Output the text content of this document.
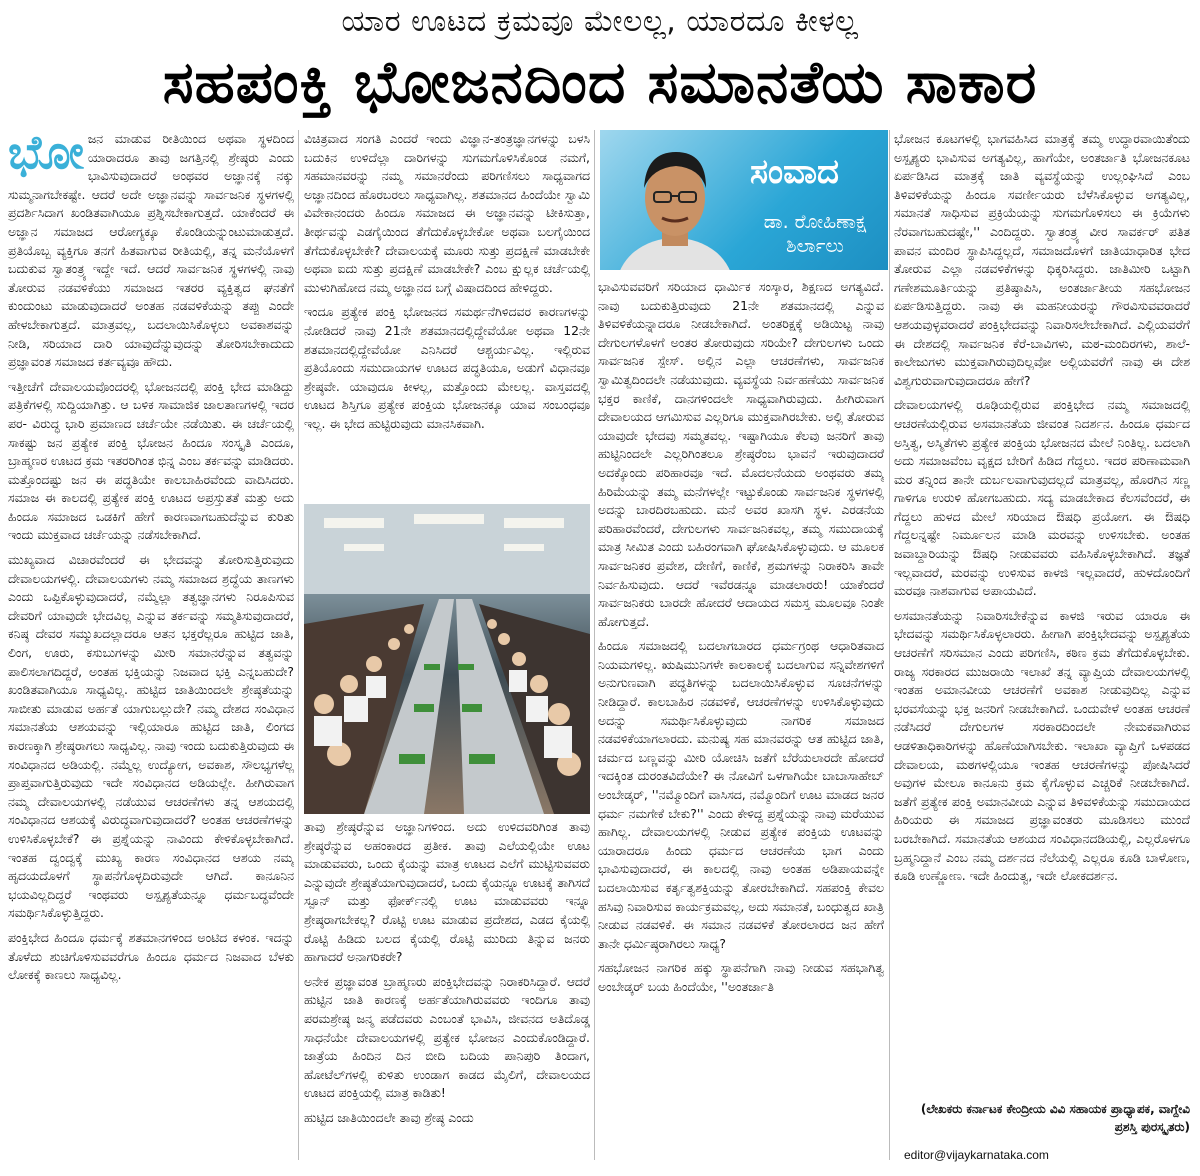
ಯಾರ ಊಟದ ಕ್ರಮವೂ ಮೇಲಲ್ಲ, ಯಾರದೂ ಕೀಳಲ್ಲ
ಸಹಪಂಕ್ತಿ ಭೋಜನದಿಂದ ಸಮಾನತೆಯ ಸಾಕಾರ
ಭೋ ಜನ ಮಾಡುವ ರೀತಿಯಿಂದ ಅಥವಾ ಸ್ಥಳದಿಂದ ಯಾರಾದರೂ ತಾವು ಜಗತ್ತಿನಲ್ಲಿ ಶ್ರೇಷ್ಠರು ಎಂದು ಭಾವಿಸುವುದಾದರೆ ಅಂಥವರ ಅಜ್ಞಾನಕ್ಕೆ ನಕ್ಕು ಸುಮ್ಮನಾಗಬೇಕಷ್ಟೇ. ಆದರೆ ಅದೇ ಅಜ್ಞಾನವನ್ನು ಸಾರ್ವಜನಿಕ ಸ್ಥಳಗಳಲ್ಲಿ ಪ್ರದರ್ಶಿಸಿದಾಗ ಖಂಡಿತವಾಗಿಯೂ ಪ್ರಶ್ನಿಸಬೇಕಾಗುತ್ತದೆ. ಯಾಕೆಂದರೆ ಈ ಅಜ್ಞಾನ ಸಮಾಜದ ಆರೋಗ್ಯಕ್ಕೂ ಕೊಂಡಿಯನ್ನುಂಟುಮಾಡುತ್ತದೆ. ಪ್ರತಿಯೊಬ್ಬ ವ್ಯಕ್ತಿಗೂ ತನಗೆ ಹಿತವಾಗುವ ರೀತಿಯಲ್ಲಿ, ತನ್ನ ಮನೆಯೊಳಗೆ ಬದುಕುವ ಸ್ವಾತಂತ್ರ್ಯ ಇದ್ದೇ ಇದೆ. ಆದರೆ ಸಾರ್ವಜನಿಕ ಸ್ಥಳಗಳಲ್ಲಿ ನಾವು ತೋರುವ ನಡವಳಿಕೆಯು ಸಮಾಜದ ಇತರರ ವ್ಯಕ್ತಿತ್ವದ ಘನತೆಗೆ ಕುಂದುಂಟು ಮಾಡುವುದಾದರೆ ಅಂತಹ ನಡವಳಿಕೆಯನ್ನು ತಪ್ಪು ಎಂದೇ ಹೇಳಬೇಕಾಗುತ್ತದೆ. ಮಾತ್ರವಲ್ಲ, ಬದಲಾಯಿಸಿಕೊಳ್ಳಲು ಅವಕಾಶವನ್ನು ನೀಡಿ, ಸರಿಯಾದ ದಾರಿ ಯಾವುದೆನ್ನುವುದನ್ನು ತೋರಿಸಬೇಕಾದುದು ಪ್ರಜ್ಞಾವಂತ ಸಮಾಜದ ಕರ್ತವ್ಯವೂ ಹೌದು.

ಇತ್ತೀಚೆಗೆ ದೇವಾಲಯವೊಂದರಲ್ಲಿ ಭೋಜನದಲ್ಲಿ ಪಂಕ್ತಿ ಭೇದ ಮಾಡಿದ್ದು ಪತ್ರಿಕೆಗಳಲ್ಲಿ ಸುದ್ದಿಯಾಗಿತ್ತು. ಆ ಬಳಿಕ ಸಾಮಾಜಿಕ ಜಾಲತಾಣಗಳಲ್ಲಿ ಇದರ ಪರ- ವಿರುದ್ಧ ಭಾರಿ ಪ್ರಮಾಣದ ಚರ್ಚೆಯೇ ನಡೆಯಿತು. ಈ ಚರ್ಚೆಯಲ್ಲಿ ಸಾಕಷ್ಟು ಜನ ಪ್ರತ್ಯೇಕ ಪಂಕ್ತಿ ಭೋಜನ ಹಿಂದೂ ಸಂಸ್ಕೃತಿ ಎಂದೂ, ಬ್ರಾಹ್ಮಣರ ಊಟದ ಕ್ರಮ ಇತರರಿಗಿಂತ ಭಿನ್ನ ಎಂಬ ತರ್ಕವನ್ನು ಮಾಡಿದರು. ಮತ್ತೊಂದಷ್ಟು ಜನ ಈ ಪದ್ಧತಿಯೇ ಕಾಲಬಾಹಿರವೆಂದು ವಾದಿಸಿದರು. ಸಮಾಜ ಈ ಕಾಲದಲ್ಲಿ ಪ್ರತ್ಯೇಕ ಪಂಕ್ತಿ ಊಟದ ಅಪ್ರಸ್ತುತತೆ ಮತ್ತು ಅದು ಹಿಂದೂ ಸಮಾಜದ ಒಡಕಿಗೆ ಹೇಗೆ ಕಾರಣವಾಗಬಹುದೆನ್ನುವ ಕುರಿತು ಇಂದು ಮುಕ್ತವಾದ ಚರ್ಚೆಯನ್ನು ನಡೆಸಬೇಕಾಗಿದೆ.

ಮುಖ್ಯವಾದ ವಿಚಾರವೆಂದರೆ ಈ ಭೇದವನ್ನು ತೋರಿಸುತ್ತಿರುವುದು ದೇವಾಲಯಗಳಲ್ಲಿ. ದೇವಾಲಯಗಳು ನಮ್ಮ ಸಮಾಜದ ಶ್ರದ್ಧೆಯ ತಾಣಗಳು ಎಂದು ಒಪ್ಪಿಕೊಳ್ಳುವುದಾದರೆ, ನಮ್ಮೆಲ್ಲಾ ತತ್ವಜ್ಞಾನಗಳು ನಿರೂಪಿಸುವ ದೇವರಿಗೆ ಯಾವುದೇ ಭೇದವಿಲ್ಲ ಎನ್ನುವ ತರ್ಕವನ್ನು ಸಮ್ಮತಿಸುವುದಾದರೆ, ಕನಿಷ್ಠ ದೇವರ ಸಮ್ಮುಖದಲ್ಲಾದರೂ ಆತನ ಭಕ್ತರೆಲ್ಲರೂ ಹುಟ್ಟಿದ ಜಾತಿ, ಲಿಂಗ, ಊರು, ಕಸುಬುಗಳನ್ನು ಮೀರಿ ಸಮಾನರೆನ್ನುವ ತತ್ವವನ್ನು ಪಾಲಿಸಲಾಗದಿದ್ದರೆ, ಅಂತಹ ಭಕ್ತಿಯನ್ನು ನಿಜವಾದ ಭಕ್ತಿ ಎನ್ನಬಹುದೇ? ಖಂಡಿತವಾಗಿಯೂ ಸಾಧ್ಯವಿಲ್ಲ. ಹುಟ್ಟಿದ ಜಾತಿಯಿಂದಲೇ ಶ್ರೇಷ್ಠತೆಯನ್ನು ಸಾಬೀತು ಮಾಡುವ ಅರ್ಹತೆ ಯಾಗುಬಲ್ಲುದೇ? ನಮ್ಮ ದೇಶದ ಸಂವಿಧಾನ ಸಮಾನತೆಯ ಆಶಯವನ್ನು ಇಲ್ಲಿಯಾರೂ ಹುಟ್ಟಿದ ಜಾತಿ, ಲಿಂಗದ ಕಾರಣಕ್ಕಾಗಿ ಶ್ರೇಷ್ಠರಾಗಲು ಸಾಧ್ಯವಿಲ್ಲ. ನಾವು ಇಂದು ಬದುಕುತ್ತಿರುವುದು ಈ ಸಂವಿಧಾನದ ಅಡಿಯಲ್ಲಿ. ನಮ್ಮೆಲ್ಲ ಉದ್ಯೋಗ, ಅವಕಾಶ, ಸೌಲಭ್ಯಗಳೆಲ್ಲ ಪ್ರಾಪ್ತವಾಗುತ್ತಿರುವುದು ಇದೇ ಸಂವಿಧಾನದ ಅಡಿಯಲ್ಲೇ. ಹೀಗಿರುವಾಗ ನಮ್ಮ ದೇವಾಲಯಗಳಲ್ಲಿ ನಡೆಯುವ ಆಚರಣೆಗಳು ತನ್ನ ಆಶಯದಲ್ಲಿ ಸಂವಿಧಾನದ ಆಶಯಕ್ಕೆ ವಿರುದ್ಧವಾಗುವುದಾದರೆ? ಅಂತಹ ಆಚರಣೆಗಳನ್ನು ಉಳಿಸಿಕೊಳ್ಳಬೇಕೆ? ಈ ಪ್ರಶ್ನೆಯನ್ನು ನಾವಿಂದು ಕೇಳಿಕೊಳ್ಳಬೇಕಾಗಿದೆ. ಇಂತಹ ದ್ವಂದ್ವಕ್ಕೆ ಮುಖ್ಯ ಕಾರಣ ಸಂವಿಧಾನದ ಆಶಯ ನಮ್ಮ ಹೃದಯದೊಳಗೆ ಸ್ಥಾಪನೆಗೊಳ್ಳದಿರುವುದೇ ಆಗಿದೆ. ಕಾನೂನಿನ ಭಯವಿಲ್ಲದಿದ್ದರೆ ಇಂಥವರು ಅಸ್ಪೃಶ್ಯತೆಯನ್ನೂ ಧರ್ಮಬದ್ಧವೆಂದೇ ಸಮರ್ಥಿಸಿಕೊಳ್ಳುತ್ತಿದ್ದರು.

ಪಂಕ್ತಿಭೇದ ಹಿಂದೂ ಧರ್ಮಕ್ಕೆ ಶತಮಾನಗಳಿಂದ ಅಂಟಿದ ಕಳಂಕ. ಇದನ್ನು ತೊಳೆದು ಶುಚಿಗೊಳಿಸುವವರೆಗೂ ಹಿಂದೂ ಧರ್ಮದ ನಿಜವಾದ ಬೆಳಕು ಲೋಕಕ್ಕೆ ಕಾಣಲು ಸಾಧ್ಯವಿಲ್ಲ.

ವಿಚಿತ್ರವಾದ ಸಂಗತಿ ಎಂದರೆ ಇಂದು ವಿಜ್ಞಾನ-ತಂತ್ರಜ್ಞಾನಗಳನ್ನು ಬಳಸಿ ಬದುಕಿನ ಉಳಿದೆಲ್ಲಾ ದಾರಿಗಳನ್ನು ಸುಗಮಗೊಳಿಸಿಕೊಂಡ ನಮಗೆ, ಸಹಮಾನವರನ್ನು ನಮ್ಮ ಸಮಾನರೆಂದು ಪರಿಗಣಿಸಲು ಸಾಧ್ಯವಾಗದ ಅಜ್ಞಾನದಿಂದ ಹೊರಬರಲು ಸಾಧ್ಯವಾಗಿಲ್ಲ. ಶತಮಾನದ ಹಿಂದೆಯೇ ಸ್ವಾಮಿ ವಿವೇಕಾನಂದರು ಹಿಂದೂ ಸಮಾಜದ ಈ ಅಜ್ಞಾನವನ್ನು ಟೀಕಿಸುತ್ತಾ, ತೀರ್ಥವನ್ನು ಎಡಗೈಯಿಂದ ತೆಗೆದುಕೊಳ್ಳಬೇಕೋ ಅಥವಾ ಬಲಗೈಯಿಂದ ತೆಗೆದುಕೊಳ್ಳಬೇಕೇ? ದೇವಾಲಯಕ್ಕೆ ಮೂರು ಸುತ್ತು ಪ್ರದಕ್ಷಿಣೆ ಮಾಡಬೇಕೇ ಅಥವಾ ಐದು ಸುತ್ತು ಪ್ರದಕ್ಷಿಣೆ ಮಾಡಬೇಕೇ? ಎಂಬ ಕ್ಷುಲ್ಲಕ ಚರ್ಚೆಯಲ್ಲಿ ಮುಳುಗಿಹೋದ ನಮ್ಮ ಅಜ್ಞಾನದ ಬಗ್ಗೆ ವಿಷಾದದಿಂದ ಹೇಳಿದ್ದರು.

ಇಂದೂ ಪ್ರತ್ಯೇಕ ಪಂಕ್ತಿ ಭೋಜನದ ಸಮರ್ಥನೆಗಿಳಿದವರ ಕಾರಣಗಳನ್ನು ನೋಡಿದರೆ ನಾವು 21ನೇ ಶತಮಾನದಲ್ಲಿದ್ದೇವೆಯೋ ಅಥವಾ 12ನೇ ಶತಮಾನದಲ್ಲಿದ್ದೇವೆಯೋ ಎನಿಸಿದರೆ ಆಶ್ಚರ್ಯವಿಲ್ಲ. ಇಲ್ಲಿರುವ ಪ್ರತಿಯೊಂದು ಸಮುದಾಯಗಳ ಊಟದ ಪದ್ಧತಿಯೂ, ಅಡುಗೆ ವಿಧಾನವೂ ಶ್ರೇಷ್ಠವೇ. ಯಾವುದೂ ಕೀಳಲ್ಲ, ಮತ್ತೊಂದು ಮೇಲಲ್ಲ. ವಾಸ್ತವದಲ್ಲಿ ಊಟದ ಶಿಸ್ತಿಗೂ ಪ್ರತ್ಯೇಕ ಪಂಕ್ತಿಯ ಭೋಜನಕ್ಕೂ ಯಾವ ಸಂಬಂಧವೂ ಇಲ್ಲ. ಈ ಭೇದ ಹುಟ್ಟಿರುವುದು ಮಾನಸಿಕವಾಗಿ.

ತಾವು ಶ್ರೇಷ್ಠರೆನ್ನುವ ಅಜ್ಞಾನಿಗಳಿಂದ. ಅದು ಉಳಿದವರಿಗಿಂತ ತಾವು ಶ್ರೇಷ್ಠರೆನ್ನುವ ಅಹಂಕಾರದ ಪ್ರತೀಕ. ತಾವು ಎಲೆಯಲ್ಲಿಯೇ ಊಟ ಮಾಡುವವರು, ಒಂದು ಕೈಯನ್ನು ಮಾತ್ರ ಊಟದ ಎಲೆಗೆ ಮುಟ್ಟಿಸುವವರು ಎನ್ನುವುದೇ ಶ್ರೇಷ್ಠತೆಯಾಗುವುದಾದರೆ, ಒಂದು ಕೈಯನ್ನೂ ಊಟಕ್ಕೆ ತಾಗಿಸದೆ ಸ್ಪೂನ್ ಮತ್ತು ಫೋರ್ಕ್‌ನಲ್ಲಿ ಊಟ ಮಾಡುವವರು ಇನ್ನೂ ಶ್ರೇಷ್ಠರಾಗಬೇಕಲ್ಲ? ರೊಟ್ಟಿ ಊಟ ಮಾಡುವ ಪ್ರದೇಶದ, ಎಡದ ಕೈಯಲ್ಲಿ ರೊಟ್ಟಿ ಹಿಡಿದು ಬಲದ ಕೈಯಲ್ಲಿ ರೊಟ್ಟಿ ಮುರಿದು ತಿನ್ನುವ ಜನರು ಹಾಗಾದರೆ ಅನಾಗರಿಕರೇ?

ಅನೇಕ ಪ್ರಜ್ಞಾವಂತ ಬ್ರಾಹ್ಮಣರು ಪಂಕ್ತಿಭೇದವನ್ನು ನಿರಾಕರಿಸಿದ್ದಾರೆ. ಆದರೆ ಹುಟ್ಟಿನ ಜಾತಿ ಕಾರಣಕ್ಕೆ ಅರ್ಹತೆಯಾಗಿರುವವರು ಇಂದಿಗೂ ತಾವು ಪರಮಶ್ರೇಷ್ಠ ಜನ್ಮ ಪಡೆದವರು ಎಂಬಂತೆ ಭಾವಿಸಿ, ಜೀವನದ ಅತಿದೊಡ್ಡ ಸಾಧನೆಯೇ ದೇವಾಲಯಗಳಲ್ಲಿ ಪ್ರತ್ಯೇಕ ಭೋಜನ ಎಂದುಕೊಂಡಿದ್ದಾರೆ. ಜಾತ್ರೆಯ ಹಿಂದಿನ ದಿನ ಬೀದಿ ಬದಿಯ ಪಾನಿಪುರಿ ತಿಂದಾಗ, ಹೋಟೆಲ್‌ಗಳಲ್ಲಿ ಕುಳಿತು ಉಂಡಾಗ ಕಾಡದ ಮೈಲಿಗೆ, ದೇವಾಲಯದ ಊಟದ ಪಂಕ್ತಿಯಲ್ಲಿ ಮಾತ್ರ ಕಾಡಿತು!

ಹುಟ್ಟಿದ ಜಾತಿಯಿಂದಲೇ ತಾವು ಶ್ರೇಷ್ಠ ಎಂದು

ಸಂವಾದ
ಡಾ. ರೋಹಿಣಾಕ್ಷ ಶಿರ್ಲಾಲು

ಭಾವಿಸುವವರಿಗೆ ಸರಿಯಾದ ಧಾರ್ಮಿಕ ಸಂಸ್ಕಾರ, ಶಿಕ್ಷಣದ ಅಗತ್ಯವಿದೆ. ನಾವು ಬದುಕುತ್ತಿರುವುದು 21ನೇ ಶತಮಾನದಲ್ಲಿ ಎನ್ನುವ ತಿಳಿವಳಿಕೆಯನ್ನಾದರೂ ನೀಡಬೇಕಾಗಿದೆ. ಅಂತರಿಕ್ಷಕ್ಕೆ ಅಡಿಯಿಟ್ಟ ನಾವು ದೇಗುಲಗಳೊಳಗೆ ಅಂತರ ತೋರುವುದು ಸರಿಯೇ? ದೇಗುಲಗಳು ಒಂದು ಸಾರ್ವಜನಿಕ ಸ್ಪೇಸ್. ಅಲ್ಲಿನ ಎಲ್ಲಾ ಆಚರಣೆಗಳು, ಸಾರ್ವಜನಿಕ ಸ್ವಾಮಿತ್ವದಿಂದಲೇ ನಡೆಯುವುದು. ವ್ಯವಸ್ಥೆಯ ನಿರ್ವಹಣೆಯು ಸಾರ್ವಜನಿಕ ಭಕ್ತರ ಕಾಣಿಕೆ, ದಾನಗಳಿಂದಲೇ ಸಾಧ್ಯವಾಗಿರುವುದು. ಹೀಗಿರುವಾಗ ದೇವಾಲಯದ ಆಗಮಿಸುವ ಎಲ್ಲರಿಗೂ ಮುಕ್ತವಾಗಿರಬೇಕು. ಅಲ್ಲಿ ತೋರುವ ಯಾವುದೇ ಭೇದವು ಸಮ್ಮತವಲ್ಲ. ಇಷ್ಟಾಗಿಯೂ ಕೆಲವು ಜನರಿಗೆ ತಾವು ಹುಟ್ಟಿನಿಂದಲೇ ಎಲ್ಲರಿಗಿಂತಲೂ ಶ್ರೇಷ್ಠರೆಂಬ ಭಾವನೆ ಇರುವುದಾದರೆ ಅದಕ್ಕೊಂದು ಪರಿಹಾರವೂ ಇದೆ. ಮೊದಲನೆಯದು ಅಂಥವರು ತಮ್ಮ ಹಿರಿಮೆಯನ್ನು ತಮ್ಮ ಮನೆಗಳಲ್ಲೇ ಇಟ್ಟುಕೊಂಡು ಸಾರ್ವಜನಿಕ ಸ್ಥಳಗಳಲ್ಲಿ ಅದನ್ನು ಬಾರದಿರಬಹುದು. ಮನೆ ಅವರ ಖಾಸಗಿ ಸ್ಥಳ. ಎರಡನೆಯ ಪರಿಹಾರವೆಂದರೆ, ದೇಗುಲಗಳು ಸಾರ್ವಜನಿಕವಲ್ಲ, ತಮ್ಮ ಸಮುದಾಯಕ್ಕೆ ಮಾತ್ರ ಸೀಮಿತ ಎಂದು ಬಹಿರಂಗವಾಗಿ ಘೋಷಿಸಿಕೊಳ್ಳುವುದು. ಆ ಮೂಲಕ ಸಾರ್ವಜನಿಕರ ಪ್ರವೇಶ, ದೇಣಿಗೆ, ಕಾಣಿಕೆ, ಶ್ರಮಗಳನ್ನು ನಿರಾಕರಿಸಿ ತಾವೇ ನಿರ್ವಹಿಸುವುದು. ಆದರೆ ಇವೆರಡನ್ನೂ ಮಾಡಲಾರರು! ಯಾಕೆಂದರೆ ಸಾರ್ವಜನಿಕರು ಬಾರದೇ ಹೋದರೆ ಆದಾಯದ ಸಮಸ್ತ ಮೂಲವೂ ನಿಂತೇ ಹೋಗುತ್ತದೆ.

ಹಿಂದೂ ಸಮಾಜದಲ್ಲಿ ಬದಲಾಗಬಾರದ ಧರ್ಮಗ್ರಂಥ ಆಧಾರಿತವಾದ ನಿಯಮಗಳಿಲ್ಲ. ಋಷಿಮುನಿಗಳೇ ಕಾಲಕಾಲಕ್ಕೆ ಬದಲಾಗುವ ಸನ್ನಿವೇಶಗಳಿಗೆ ಅನುಗುಣವಾಗಿ ಪದ್ಧತಿಗಳನ್ನು ಬದಲಾಯಿಸಿಕೊಳ್ಳುವ ಸೂಚನೆಗಳನ್ನು ನೀಡಿದ್ದಾರೆ. ಕಾಲಬಾಹಿರ ನಡವಳಿಕೆ, ಆಚರಣೆಗಳನ್ನು ಉಳಿಸಿಕೊಳ್ಳುವುದು ಅದನ್ನು ಸಮರ್ಥಿಸಿಕೊಳ್ಳುವುದು ನಾಗರಿಕ ಸಮಾಜದ ನಡವಳಿಕೆಯಾಗಲಾರದು. ಮನುಷ್ಯ ಸಹ ಮಾನವರನ್ನು ಆತ ಹುಟ್ಟಿದ ಜಾತಿ, ಚರ್ಮದ ಬಣ್ಣವನ್ನು ಮೀರಿ ಯೋಚಿಸಿ ಜತೆಗೆ ಬೆರೆಯಲಾರದೇ ಹೋದರೆ ಇದಕ್ಕಿಂತ ದುರಂತವಿದೆಯೇ? ಈ ನೋವಿಗೆ ಒಳಗಾಗಿಯೇ ಬಾಬಾಸಾಹೇಬ್ ಅಂಬೇಡ್ಕರ್, ''ನಮ್ಮೊಂದಿಗೆ ವಾಸಿಸದ, ನಮ್ಮೊಂದಿಗೆ ಊಟ ಮಾಡದ ಜನರ ಧರ್ಮ ನಮಗೇಕೆ ಬೇಕು?'' ಎಂದು ಕೇಳಿದ್ದ ಪ್ರಶ್ನೆಯನ್ನು ನಾವು ಮರೆಯುವ ಹಾಗಿಲ್ಲ. ದೇವಾಲಯಗಳಲ್ಲಿ ನೀಡುವ ಪ್ರತ್ಯೇಕ ಪಂಕ್ತಿಯ ಊಟವನ್ನು ಯಾರಾದರೂ ಹಿಂದು ಧರ್ಮದ ಆಚರಣೆಯ ಭಾಗ ಎಂದು ಭಾವಿಸುವುದಾದರೆ, ಈ ಕಾಲದಲ್ಲಿ ನಾವು ಅಂತಹ ಅಡಿಪಾಯವನ್ನೇ ಬದಲಾಯಿಸುವ ಕರ್ತೃತ್ವಶಕ್ತಿಯನ್ನು ತೋರಬೇಕಾಗಿದೆ. ಸಹಪಂಕ್ತಿ ಕೇವಲ ಹಸಿವು ನಿವಾರಿಸುವ ಕಾರ್ಯಕ್ರಮವಲ್ಲ, ಅದು ಸಮಾನತೆ, ಬಂಧುತ್ವದ ಖಾತ್ರಿ ನೀಡುವ ನಡವಳಿಕೆ. ಈ ಸಮಾನ ನಡವಳಿಕೆ ತೋರಲಾರದ ಜನ ಹೇಗೆ ತಾನೇ ಧರ್ಮಿಷ್ಠರಾಗಿರಲು ಸಾಧ್ಯ?

ಸಹಭೋಜನ ನಾಗರಿಕ ಹಕ್ಕು ಸ್ಥಾಪನೆಗಾಗಿ ನಾವು ನೀಡುವ ಸಹಭಾಗಿತ್ವ ಅಂಬೇಡ್ಕರ್ ಬಯ ಹಿಂದೆಯೇ, ''ಅಂತರ್ಜಾತಿ

ಭೋಜನ ಕೂಟಗಳಲ್ಲಿ ಭಾಗವಹಿಸಿದ ಮಾತ್ರಕ್ಕೆ ತಮ್ಮ ಉದ್ಧಾರವಾಯಿತೆಂದು ಅಸ್ಪೃಶ್ಯರು ಭಾವಿಸುವ ಅಗತ್ಯವಿಲ್ಲ, ಹಾಗೆಯೇ, ಅಂತರ್ಜಾತಿ ಭೋಜನಕೂಟ ಏರ್ಪಡಿಸಿದ ಮಾತ್ರಕ್ಕೆ ಜಾತಿ ವ್ಯವಸ್ಥೆಯನ್ನು ಉಲ್ಲಂಘಿಸಿದೆ ಎಂಬ ತಿಳಿವಳಿಕೆಯನ್ನು ಹಿಂದೂ ಸವರ್ಣೀಯರು ಬೆಳೆಸಿಕೊಳ್ಳುವ ಅಗತ್ಯವಿಲ್ಲ, ಸಮಾನತೆ ಸಾಧಿಸುವ ಪ್ರಕ್ರಿಯೆಯನ್ನು ಸುಗಮಗೊಳಿಸಲು ಈ ಕ್ರಿಯೆಗಳು ನೆರವಾಗಬಹುದಷ್ಟೇ,'' ಎಂದಿದ್ದರು. ಸ್ವಾತಂತ್ರ್ಯ ವೀರ ಸಾವರ್ಕರ್ ಪತಿತ ಪಾವನ ಮಂದಿರ ಸ್ಥಾಪಿಸಿದ್ದಲ್ಲದೆ, ಸಮಾಜದೊಳಗೆ ಜಾತಿಯಾಧಾರಿತ ಭೇದ ತೋರುವ ಎಲ್ಲಾ ನಡವಳಿಕೆಗಳನ್ನು ಧಿಕ್ಕರಿಸಿದ್ದರು. ಜಾತಿಮೀರಿ ಒಟ್ಟಾಗಿ ಗಣೇಶಮೂರ್ತಿಯನ್ನು ಪ್ರತಿಷ್ಠಾಪಿಸಿ, ಅಂತರ್ಜಾತೀಯ ಸಹಭೋಜನ ಏರ್ಪಡಿಸುತ್ತಿದ್ದರು. ನಾವು ಈ ಮಹನೀಯರನ್ನು ಗೌರವಿಸುವವರಾದರೆ ಆಶಯವುಳ್ಳವರಾದರೆ ಪಂಕ್ತಿಭೇದವನ್ನು ನಿವಾರಿಸಲೇಬೇಕಾಗಿದೆ. ಎಲ್ಲಿಯವರೆಗೆ ಈ ದೇಶದಲ್ಲಿ ಸಾರ್ವಜನಿಕ ಕೆರೆ-ಬಾವಿಗಳು, ಮಠ-ಮಂದಿರಗಳು, ಶಾಲೆ-ಕಾಲೇಜುಗಳು ಮುಕ್ತವಾಗಿರುವುದಿಲ್ಲವೋ ಅಲ್ಲಿಯವರೆಗೆ ನಾವು ಈ ದೇಶ ವಿಶ್ವಗುರುವಾಗುವುದಾದರೂ ಹೇಗೆ?

ದೇವಾಲಯಗಳಲ್ಲಿ ರೂಢಿಯಲ್ಲಿರುವ ಪಂಕ್ತಿಭೇದ ನಮ್ಮ ಸಮಾಜದಲ್ಲಿ ಆಚರಣೆಯಲ್ಲಿರುವ ಅಸಮಾನತೆಯ ಜೀವಂತ ನಿದರ್ಶನ. ಹಿಂದೂ ಧರ್ಮದ ಅಸ್ತಿತ್ವ, ಅಸ್ಮಿತೆಗಳು ಪ್ರತ್ಯೇಕ ಪಂಕ್ತಿಯ ಭೋಜನದ ಮೇಲೆ ನಿಂತಿಲ್ಲ. ಬದಲಾಗಿ ಅದು ಸಮಾಜವೆಂಬ ವೃಕ್ಷದ ಬೇರಿಗೆ ಹಿಡಿದ ಗೆದ್ದಲು. ಇದರ ಪರಿಣಾಮವಾಗಿ ಮರ ತನ್ನಿಂದ ತಾನೇ ದುರ್ಬಲವಾಗುವುದಲ್ಲದೆ ಮಾತ್ರವಲ್ಲ, ಹೊರಗಿನ ಸಣ್ಣ ಗಾಳಿಗೂ ಉರುಳಿ ಹೋಗಬಹುದು. ಸದ್ಯ ಮಾಡಬೇಕಾದ ಕೆಲಸವೆಂದರೆ, ಈ ಗೆದ್ದಲು ಹುಳದ ಮೇಲೆ ಸರಿಯಾದ ಔಷಧಿ ಪ್ರಯೋಗ. ಈ ಔಷಧಿ ಗೆದ್ದಲನ್ನಷ್ಟೇ ನಿರ್ಮೂಲನ ಮಾಡಿ ಮರವನ್ನು ಉಳಿಸಬೇಕು. ಅಂತಹ ಜವಾಬ್ದಾರಿಯನ್ನು ಔಷಧಿ ನೀಡುವವರು ವಹಿಸಿಕೊಳ್ಳಬೇಕಾಗಿದೆ. ತಜ್ಞತೆ ಇಲ್ಲವಾದರೆ, ಮರವನ್ನು ಉಳಿಸುವ ಕಾಳಜಿ ಇಲ್ಲವಾದರೆ, ಹುಳದೊಂದಿಗೆ ಮರವೂ ನಾಶವಾಗುವ ಅಪಾಯವಿದೆ.

ಅಸಮಾನತೆಯನ್ನು ನಿವಾರಿಸಬೇಕೆನ್ನುವ ಕಾಳಜಿ ಇರುವ ಯಾರೂ ಈ ಭೇದವನ್ನು ಸಮರ್ಥಿಸಿಕೊಳ್ಳಲಾರರು. ಹೀಗಾಗಿ ಪಂಕ್ತಿಭೇದವನ್ನು ಅಸ್ಪೃಶ್ಯತೆಯ ಆಚರಣೆಗೆ ಸರಿಸಮಾನ ಎಂದು ಪರಿಗಣಿಸಿ, ಕಠಿಣ ಕ್ರಮ ತೆಗೆದುಕೊಳ್ಳಬೇಕು. ರಾಜ್ಯ ಸರಕಾರದ ಮುಜರಾಯಿ ಇಲಾಖೆ ತನ್ನ ವ್ಯಾಪ್ತಿಯ ದೇವಾಲಯಗಳಲ್ಲಿ ಇಂತಹ ಅಮಾನವೀಯ ಆಚರಣೆಗೆ ಅವಕಾಶ ನೀಡುವುದಿಲ್ಲ ಎನ್ನುವ ಭರವಸೆಯನ್ನು ಭಕ್ತ ಜನರಿಗೆ ನೀಡಬೇಕಾಗಿದೆ. ಒಂದುವೇಳೆ ಅಂತಹ ಆಚರಣೆ ನಡೆಸಿದರೆ ದೇಗುಲಗಳ ಸರಕಾರದಿಂದಲೇ ನೇಮಕವಾಗಿರುವ ಆಡಳಿತಾಧಿಕಾರಿಗಳನ್ನು ಹೊಣೆಯಾಗಿಸಬೇಕು. ಇಲಾಖಾ ವ್ಯಾಪ್ತಿಗೆ ಒಳಪಡದ ದೇವಾಲಯ, ಮಠಗಳಲ್ಲಿಯೂ ಇಂತಹ ಆಚರಣೆಗಳನ್ನು ಪೋಷಿಸಿದರೆ ಅವುಗಳ ಮೇಲೂ ಕಾನೂನು ಕ್ರಮ ಕೈಗೊಳ್ಳುವ ಎಚ್ಚರಿಕೆ ನೀಡಬೇಕಾಗಿದೆ. ಜತೆಗೆ ಪ್ರತ್ಯೇಕ ಪಂಕ್ತಿ ಅಮಾನವೀಯ ಎನ್ನುವ ತಿಳಿವಳಿಕೆಯನ್ನು ಸಮುದಾಯದ ಹಿರಿಯರು ಈ ಸಮಾಜದ ಪ್ರಜ್ಞಾವಂತರು ಮೂಡಿಸಲು ಮುಂದೆ ಬರಬೇಕಾಗಿದೆ. ಸಮಾನತೆಯ ಆಶಯದ ಸಂವಿಧಾನದಡಿಯಲ್ಲಿ, ಎಲ್ಲರೊಳಗೂ ಬ್ರಹ್ಮನಿದ್ದಾನೆ ಎಂಬ ನಮ್ಮ ದರ್ಶನದ ನೆಲೆಯಲ್ಲಿ ಎಲ್ಲರೂ ಕೂಡಿ ಬಾಳೋಣ, ಕೂಡಿ ಉಣ್ಣೋಣ. ಇದೇ ಹಿಂದುತ್ವ, ಇದೇ ಲೋಕದರ್ಶನ.

(ಲೇಖಕರು ಕರ್ನಾಟಕ ಕೇಂದ್ರೀಯ ವಿವಿ ಸಹಾಯಕ ಪ್ರಾಧ್ಯಾಪಕ, ವಾಗ್ದೇವಿ ಪ್ರಶಸ್ತಿ ಪುರಸ್ಕೃತರು)
editor@vijaykarnataka.com
